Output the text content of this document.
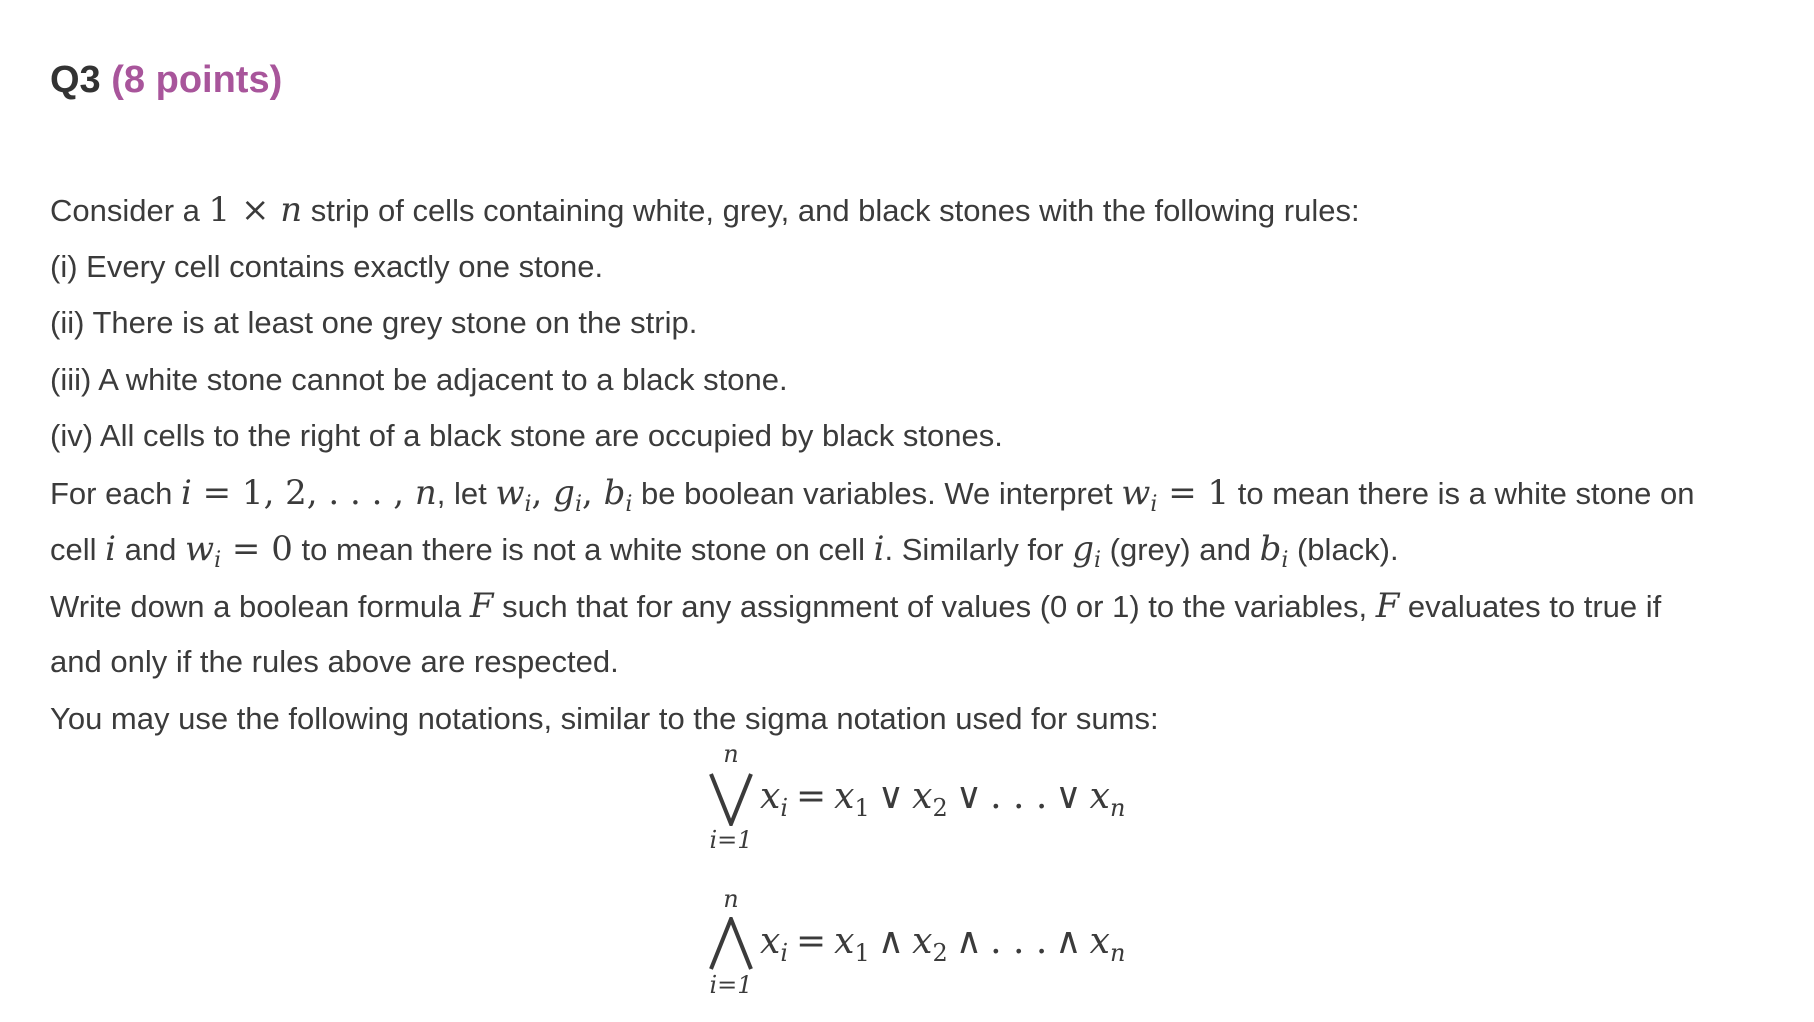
Q3 (8 points)
Consider a 1 × n strip of cells containing white, grey, and black stones with the following rules:
(i) Every cell contains exactly one stone.
(ii) There is at least one grey stone on the strip.
(iii) A white stone cannot be adjacent to a black stone.
(iv) All cells to the right of a black stone are occupied by black stones.
For each i = 1, 2, . . . , n, let $w_i$, $g_i$, $b_i$ be boolean variables. We interpret $w_i = 1$ to mean there is a white stone on
cell i and $w_i = 0$ to mean there is not a white stone on cell i. Similarly for $g_i$ (grey) and $b_i$ (black).
Write down a boolean formula F such that for any assignment of values (0 or 1) to the variables, F evaluates to true if
and only if the rules above are respected.
You may use the following notations, similar to the sigma notation used for sums:
n
i=1
$x_i = x_1$ ∨ $x_2$ ∨ . . . ∨ $x_n$
n
i=1
$x_i = x_1$ ∧ $x_2$ ∧ . . . ∧ $x_n$
